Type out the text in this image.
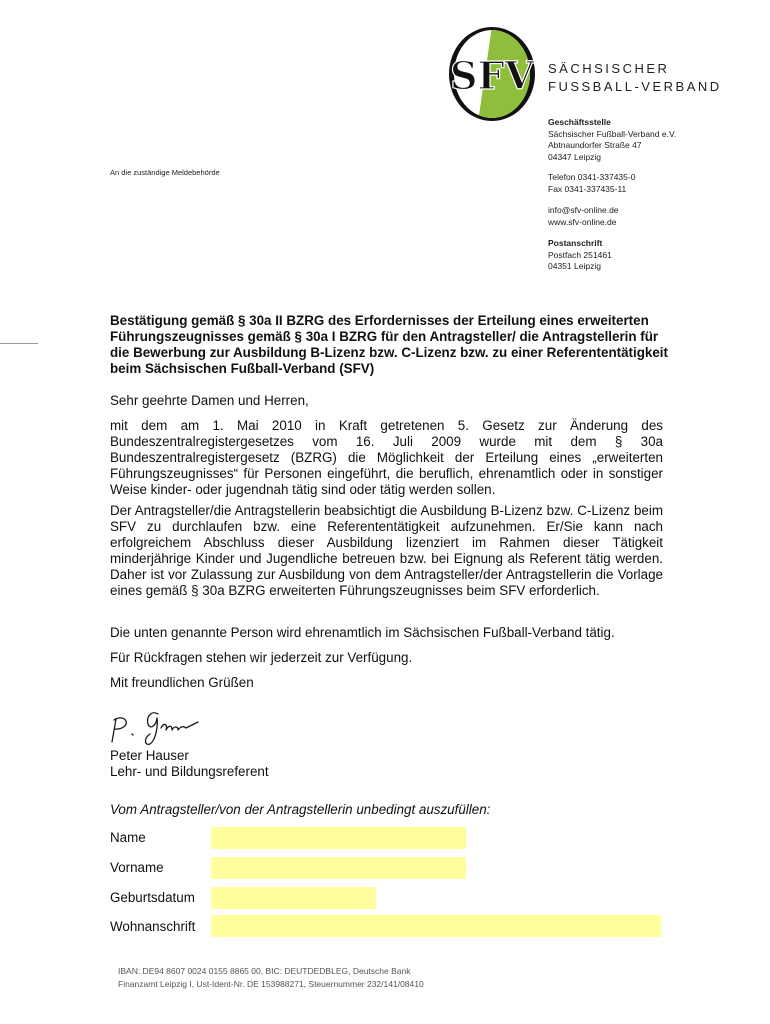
SFV SÄCHSISCHER
FUSSBALL-VERBAND
Geschäftsstelle
Sächsischer Fußball-Verband e.V.
Abtnaundorfer Straße 47
04347 Leipzig
Telefon 0341-337435-0
Fax 0341-337435-11
info@sfv-online.de
www.sfv-online.de
Postanschrift
Postfach 251461
04351 Leipzig
An die zuständige Meldebehörde
Bestätigung gemäß § 30a II BZRG des Erfordernisses der Erteilung eines erweiterten Führungszeugnisses gemäß § 30a I BZRG für den Antragsteller/ die Antragstellerin für die Bewerbung zur Ausbildung B-Lizenz bzw. C-Lizenz bzw. zu einer Referententätigkeit beim Sächsischen Fußball-Verband (SFV)
Sehr geehrte Damen und Herren,
mit dem am 1. Mai 2010 in Kraft getretenen 5. Gesetz zur Änderung des Bundeszentralregistergesetzes vom 16. Juli 2009 wurde mit dem § 30a Bundeszentralregistergesetz (BZRG) die Möglichkeit der Erteilung eines „erweiterten Führungszeugnisses“ für Personen eingeführt, die beruflich, ehrenamtlich oder in sonstiger Weise kinder- oder jugendnah tätig sind oder tätig werden sollen.
Der Antragsteller/die Antragstellerin beabsichtigt die Ausbildung B-Lizenz bzw. C-Lizenz beim SFV zu durchlaufen bzw. eine Referententätigkeit aufzunehmen. Er/Sie kann nach erfolgreichem Abschluss dieser Ausbildung lizenziert im Rahmen dieser Tätigkeit minderjährige Kinder und Jugendliche betreuen bzw. bei Eignung als Referent tätig werden. Daher ist vor Zulassung zur Ausbildung von dem Antragsteller/der Antragstellerin die Vorlage eines gemäß § 30a BZRG erweiterten Führungszeugnisses beim SFV erforderlich.
Die unten genannte Person wird ehrenamtlich im Sächsischen Fußball-Verband tätig.
Für Rückfragen stehen wir jederzeit zur Verfügung.
Mit freundlichen Grüßen
Peter Hauser
Lehr- und Bildungsreferent
Vom Antragsteller/von der Antragstellerin unbedingt auszufüllen:
Name
Vorname
Geburtsdatum
Wohnanschrift
IBAN: DE94 8607 0024 0155 8865 00, BIC: DEUTDEDBLEG, Deutsche Bank
Finanzamt Leipzig I, Ust-Ident-Nr. DE 153988271, Steuernummer 232/141/08410
